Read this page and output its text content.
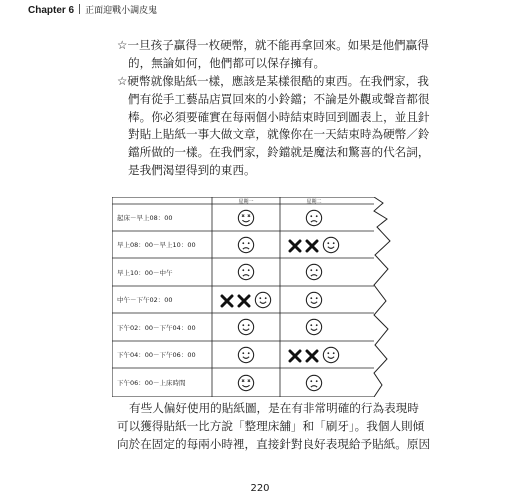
Chapter 6 正面迎戰小調皮鬼
☆一旦孩子贏得一枚硬幣，就不能再拿回來。如果是他們贏得
的，無論如何，他們都可以保存擁有。
☆硬幣就像貼紙一樣，應該是某樣很酷的東西。在我們家，我
們有從手工藝品店買回來的小鈴鐺；不論是外觀或聲音都很
棒。你必須要確實在每兩個小時結束時回到圖表上，並且針
對貼上貼紙一事大做文章，就像你在一天結束時為硬幣／鈴
鐺所做的一樣。在我們家，鈴鐺就是魔法和驚喜的代名詞，
是我們渴望得到的東西。
星期一	星期二
起床－早上08：00
早上08：00－早上10：00
早上10：00－中午
中午－下午02：00
下午02：00－下午04：00
下午04：00－下午06：00
下午06：00－上床時間
有些人偏好使用的貼紙圖，是在有非常明確的行為表現時
可以獲得貼紙一比方說「整理床舖」和「刷牙」。我個人則傾
向於在固定的每兩小時裡，直接針對良好表現給予貼紙。原因
220
